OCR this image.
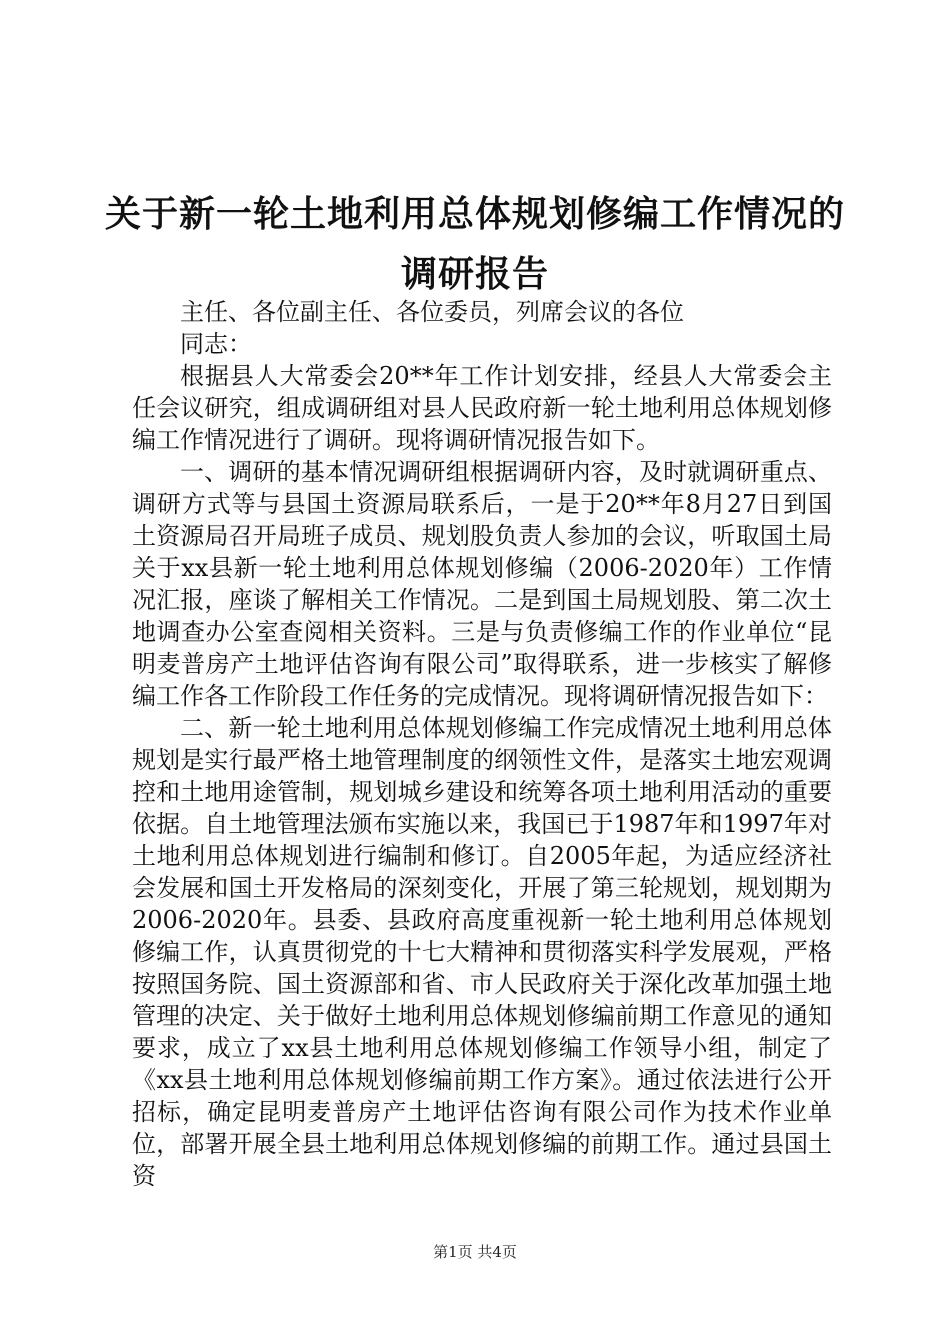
关于新一轮土地利用总体规划修编工作情况的
调研报告

主任、各位副主任、各位委员，列席会议的各位

同志：

根据县人大常委会20**年工作计划安排，经县人大常委会主任会议研究，组成调研组对县人民政府新一轮土地利用总体规划修编工作情况进行了调研。现将调研情况报告如下。

一、调研的基本情况调研组根据调研内容，及时就调研重点、调研方式等与县国土资源局联系后，一是于20**年8月27日到国土资源局召开局班子成员、规划股负责人参加的会议，听取国土局关于xx县新一轮土地利用总体规划修编（2006-2020年）工作情况汇报，座谈了解相关工作情况。二是到国土局规划股、第二次土地调查办公室查阅相关资料。三是与负责修编工作的作业单位“昆明麦普房产土地评估咨询有限公司”取得联系，进一步核实了解修编工作各工作阶段工作任务的完成情况。现将调研情况报告如下：

二、新一轮土地利用总体规划修编工作完成情况土地利用总体规划是实行最严格土地管理制度的纲领性文件，是落实土地宏观调控和土地用途管制，规划城乡建设和统筹各项土地利用活动的重要依据。自土地管理法颁布实施以来，我国已于1987年和1997年对土地利用总体规划进行编制和修订。自2005年起，为适应经济社会发展和国土开发格局的深刻变化，开展了第三轮规划，规划期为2006-2020年。县委、县政府高度重视新一轮土地利用总体规划修编工作，认真贯彻党的十七大精神和贯彻落实科学发展观，严格按照国务院、国土资源部和省、市人民政府关于深化改革加强土地管理的决定、关于做好土地利用总体规划修编前期工作意见的通知要求，成立了xx县土地利用总体规划修编工作领导小组，制定了《xx县土地利用总体规划修编前期工作方案》。通过依法进行公开招标，确定昆明麦普房产土地评估咨询有限公司作为技术作业单位，部署开展全县土地利用总体规划修编的前期工作。通过县国土资

第1页 共4页
